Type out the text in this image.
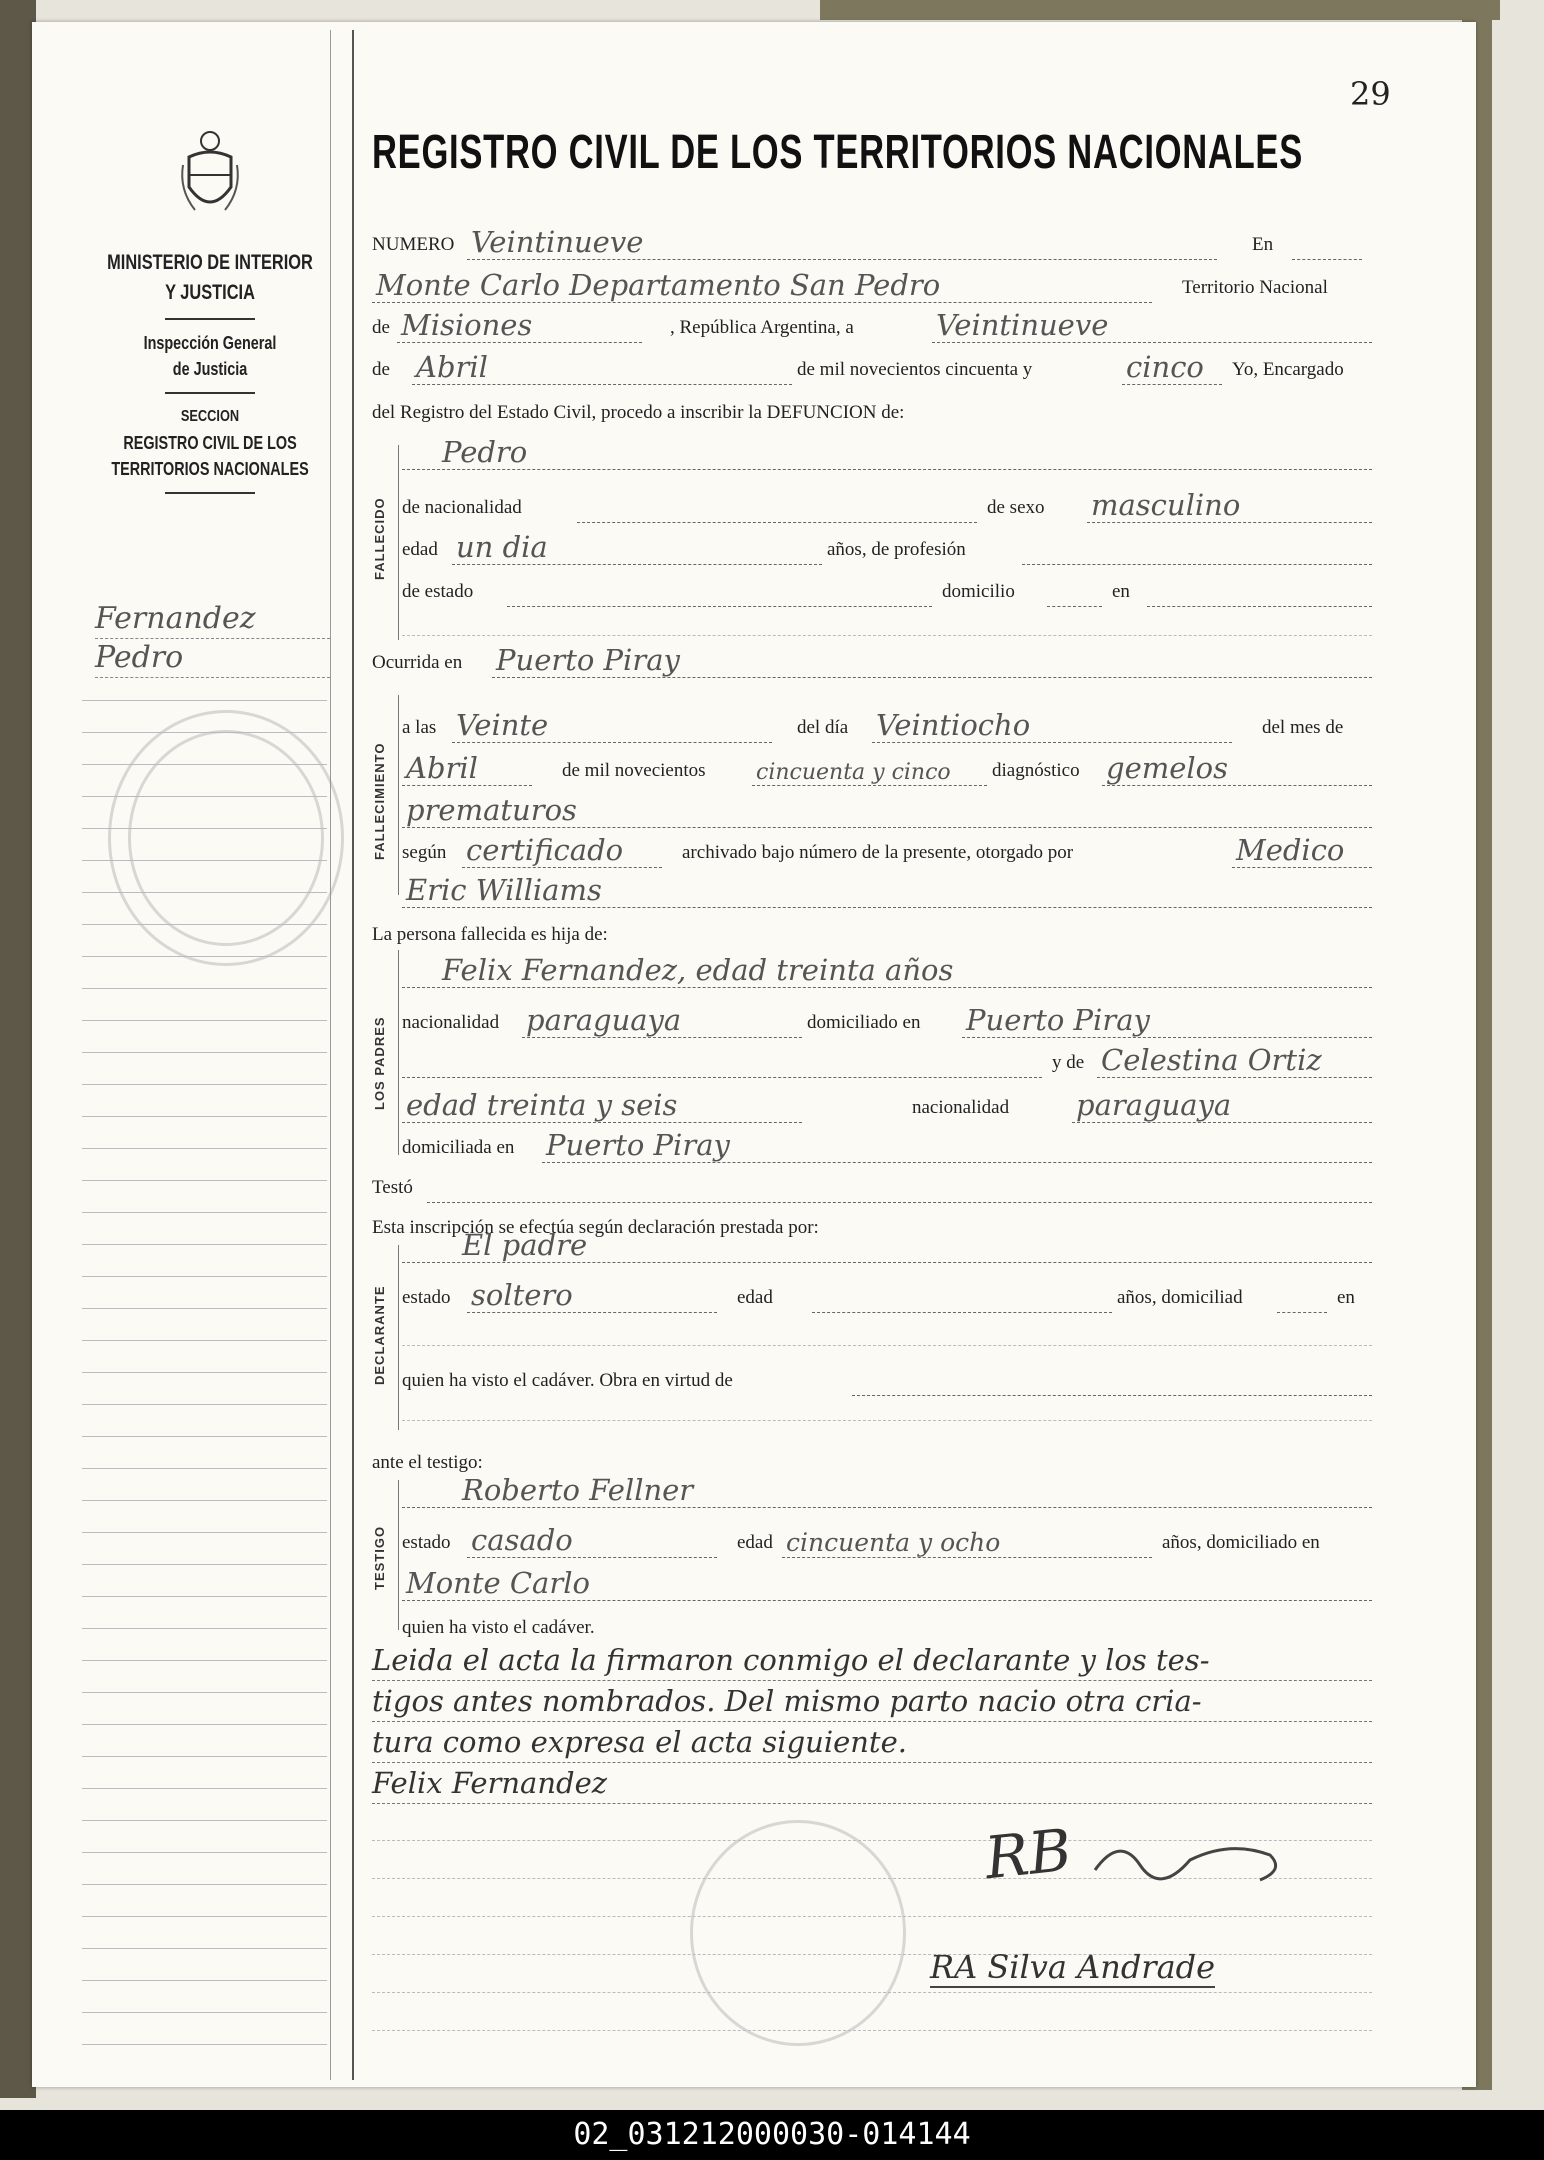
MINISTERIO DE INTERIOR
Y JUSTICIA
Inspección General
de Justicia
SECCION
REGISTRO CIVIL DE LOS
TERRITORIOS NACIONALES
Fernandez
Pedro
29
REGISTRO CIVIL DE LOS TERRITORIOS NACIONALES
NUMERO Veintinueve	En
Monte Carlo Departamento San Pedro	Territorio Nacional
de Misiones	, República Argentina, a	Veintinueve
de Abril	de mil novecientos cincuenta y	cinco Yo, Encargado
del Registro del Estado Civil, procedo a inscribir la DEFUNCION de:
FALLECIDO
Pedro
de nacionalidad	de sexo masculino
edad un dia	años, de profesión
de estado	domicilio	en
Ocurrida en Puerto Piray
FALLECIMIENTO
a las Veinte	del día Veintiocho	del mes de
Abril	de mil novecientos cincuenta y cinco diagnóstico gemelos
prematuros
según certificado	archivado bajo número de la presente, otorgado por	Medico
Eric Williams
La persona fallecida es hija de:
LOS PADRES
Felix Fernandez, edad treinta años
nacionalidad paraguaya	domiciliado en Puerto Piray
y de Celestina Ortiz
edad treinta y seis	nacionalidad paraguaya
domiciliada en Puerto Piray
Testó
Esta inscripción se efectúa según declaración prestada por:
DECLARANTE
El padre
estado soltero	edad	años, domiciliad	en
quien ha visto el cadáver. Obra en virtud de
ante el testigo:
TESTIGO
Roberto Fellner
estado casado	edad cincuenta y ocho	años, domiciliado en
Monte Carlo
quien ha visto el cadáver.
Leida el acta la firmaron conmigo el declarante y los tes-
tigos antes nombrados. Del mismo parto nacio otra cria-
tura como expresa el acta siguiente.
Felix Fernandez
RB
RA Silva Andrade
02_031212000030-014144
